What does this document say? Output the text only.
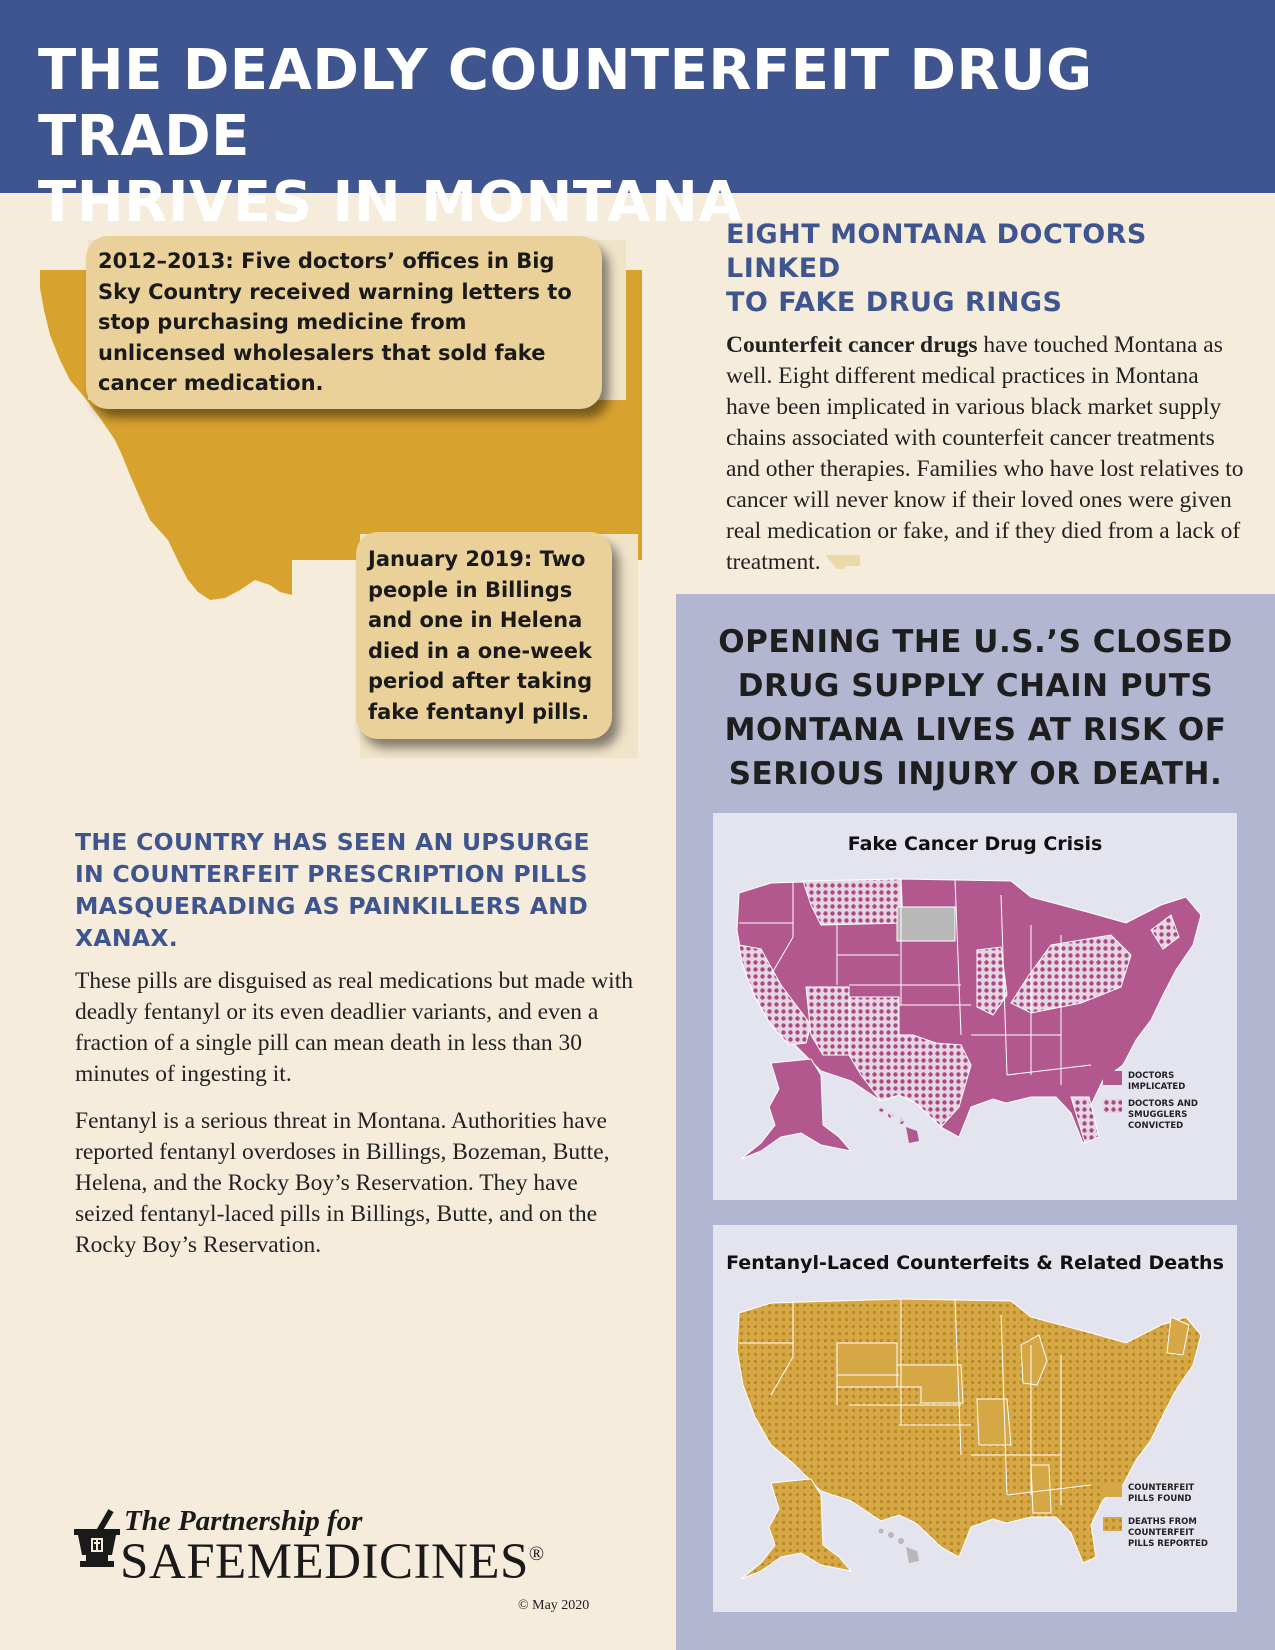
THE DEADLY COUNTERFEIT DRUG TRADE
THRIVES IN MONTANA
2012–2013: Five doctors’ offices in Big Sky Country received warning letters to stop purchasing medicine from unlicensed wholesalers that sold fake cancer medication.
January 2019: Two people in Billings and one in Helena died in a one-week period after taking fake fentanyl pills.
EIGHT MONTANA DOCTORS LINKED
TO FAKE DRUG RINGS

Counterfeit cancer drugs have touched Montana as well. Eight different medical practices in Montana have been implicated in various black market supply chains associated with counterfeit cancer treatments and other therapies. Families who have lost relatives to cancer will never know if their loved ones were given real medication or fake, and if they died from a lack of treatment.

OPENING THE U.S.’S CLOSED
DRUG SUPPLY CHAIN PUTS
MONTANA LIVES AT RISK OF
SERIOUS INJURY OR DEATH.
Fake Cancer Drug Crisis
DOCTORS IMPLICATED
DOCTORS AND SMUGGLERS CONVICTED
Fentanyl-Laced Counterfeits & Related Deaths
COUNTERFEIT PILLS FOUND
DEATHS FROM COUNTERFEIT PILLS REPORTED
THE COUNTRY HAS SEEN AN UPSURGE
IN COUNTERFEIT PRESCRIPTION PILLS
MASQUERADING AS PAINKILLERS AND XANAX.

These pills are disguised as real medications but made with deadly fentanyl or its even deadlier variants, and even a fraction of a single pill can mean death in less than 30 minutes of ingesting it.

Fentanyl is a serious threat in Montana. Authorities have reported fentanyl overdoses in Billings, Bozeman, Butte, Helena, and the Rocky Boy’s Reservation. They have seized fentanyl-laced pills in Billings, Butte, and on the Rocky Boy’s Reservation.

The Partnership for
SAFEMEDICINES®
© May 2020
